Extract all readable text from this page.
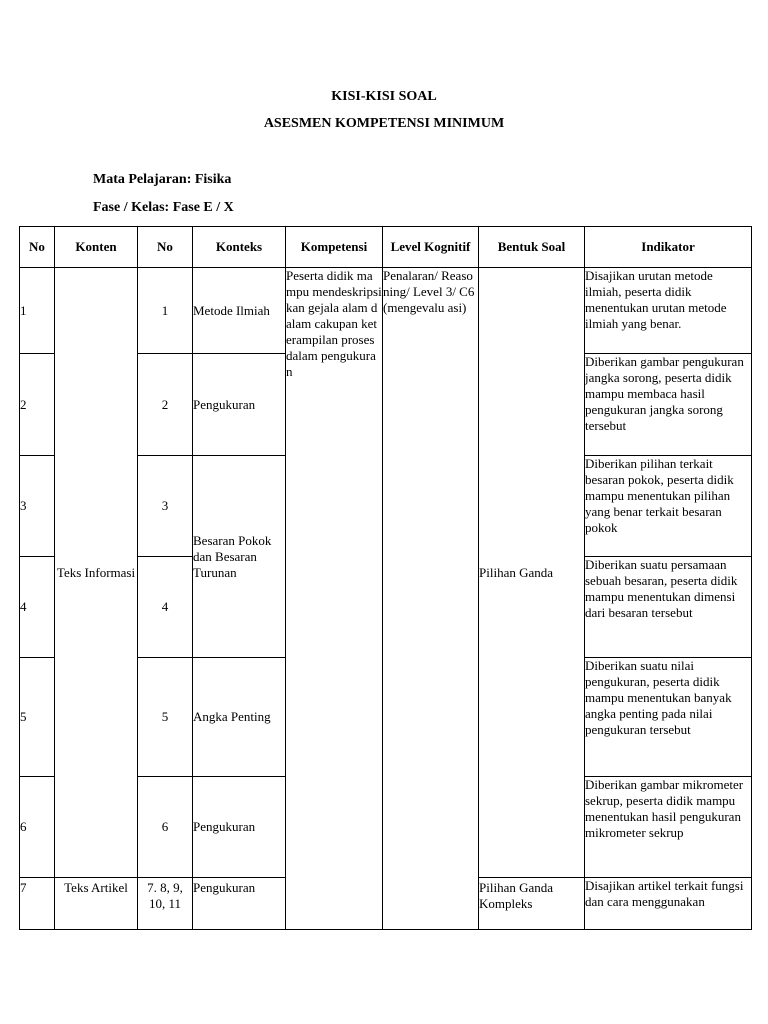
KISI-KISI SOAL
ASESMEN KOMPETENSI MINIMUM
Mata Pelajaran: Fisika
Fase / Kelas: Fase E / X
No	Konten	No	Konteks	Kompetensi	Level Kognitif	Bentuk Soal	Indikator
1	Teks Informasi	1	Metode Ilmiah	Peserta didik mampu mendeskripsi kan gejala alam dalam cakupan keterampilan proses dalam pengukuran	Penalaran/ Reasoning/ Level 3/ C6 (mengevalu asi)	Pilihan Ganda	Disajikan urutan metode ilmiah, peserta didik menentukan urutan metode ilmiah yang benar.
2		2	Pengukuran				Diberikan gambar pengukuran jangka sorong, peserta didik mampu membaca hasil pengukuran jangka sorong tersebut
3		3	Besaran Pokok dan Besaran Turunan				Diberikan pilihan terkait besaran pokok, peserta didik mampu menentukan pilihan yang benar terkait besaran pokok
4		4					Diberikan suatu persamaan sebuah besaran, peserta didik mampu menentukan dimensi dari besaran tersebut
5		5	Angka Penting				Diberikan suatu nilai pengukuran, peserta didik mampu menentukan banyak angka penting pada nilai pengukuran tersebut
6		6	Pengukuran				Diberikan gambar mikrometer sekrup, peserta didik mampu menentukan hasil pengukuran mikrometer sekrup
7	Teks Artikel	7. 8, 9, 10, 11	Pengukuran			Pilihan Ganda Kompleks	Disajikan artikel terkait fungsi dan cara menggunakan
